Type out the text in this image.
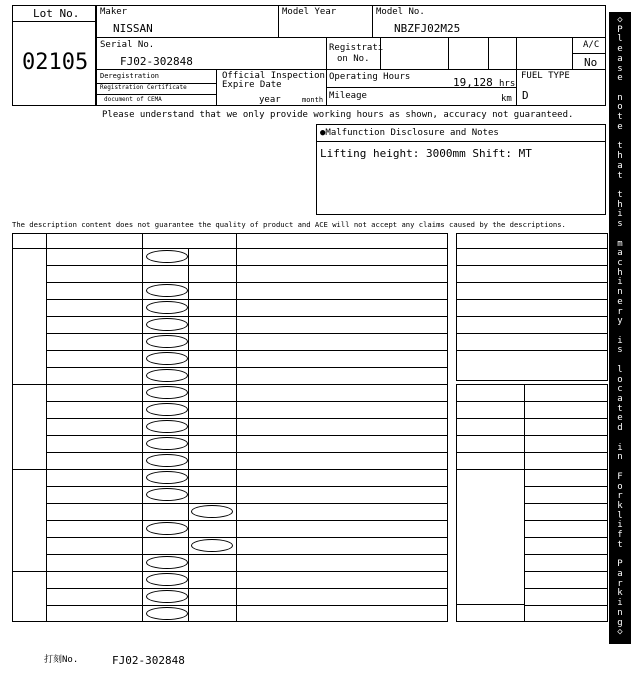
Lot No.
02105
Maker
NISSAN
Model Year	Model No.
NBZFJ02M25
Serial No.
FJ02-302848
Registrati
on No.
A/C
No
Deregistration
Registration Certificate
document of CEMA
Official Inspection
Expire Date
year	month
Operating Hours	19,128 hrs
Mileage	km
FUEL TYPE
D
Please understand that we only provide working hours as shown, accuracy not guaranteed.
●Malfunction Disclosure and Notes
Lifting height: 3000mm Shift: MT
The description content does not guarantee the quality of product and ACE will not accept any claims caused by the descriptions.
◇
P
l
e
a
s
e
n
o
t
e
t
h
a
t
t
h
i
s
m
a
c
h
i
n
e
r
y
i
s
l
o
c
a
t
e
d
i
n
F
o
r
k
l
i
f
t
P
a
r
k
i
n
g
◇
打刻No.	FJ02-302848
